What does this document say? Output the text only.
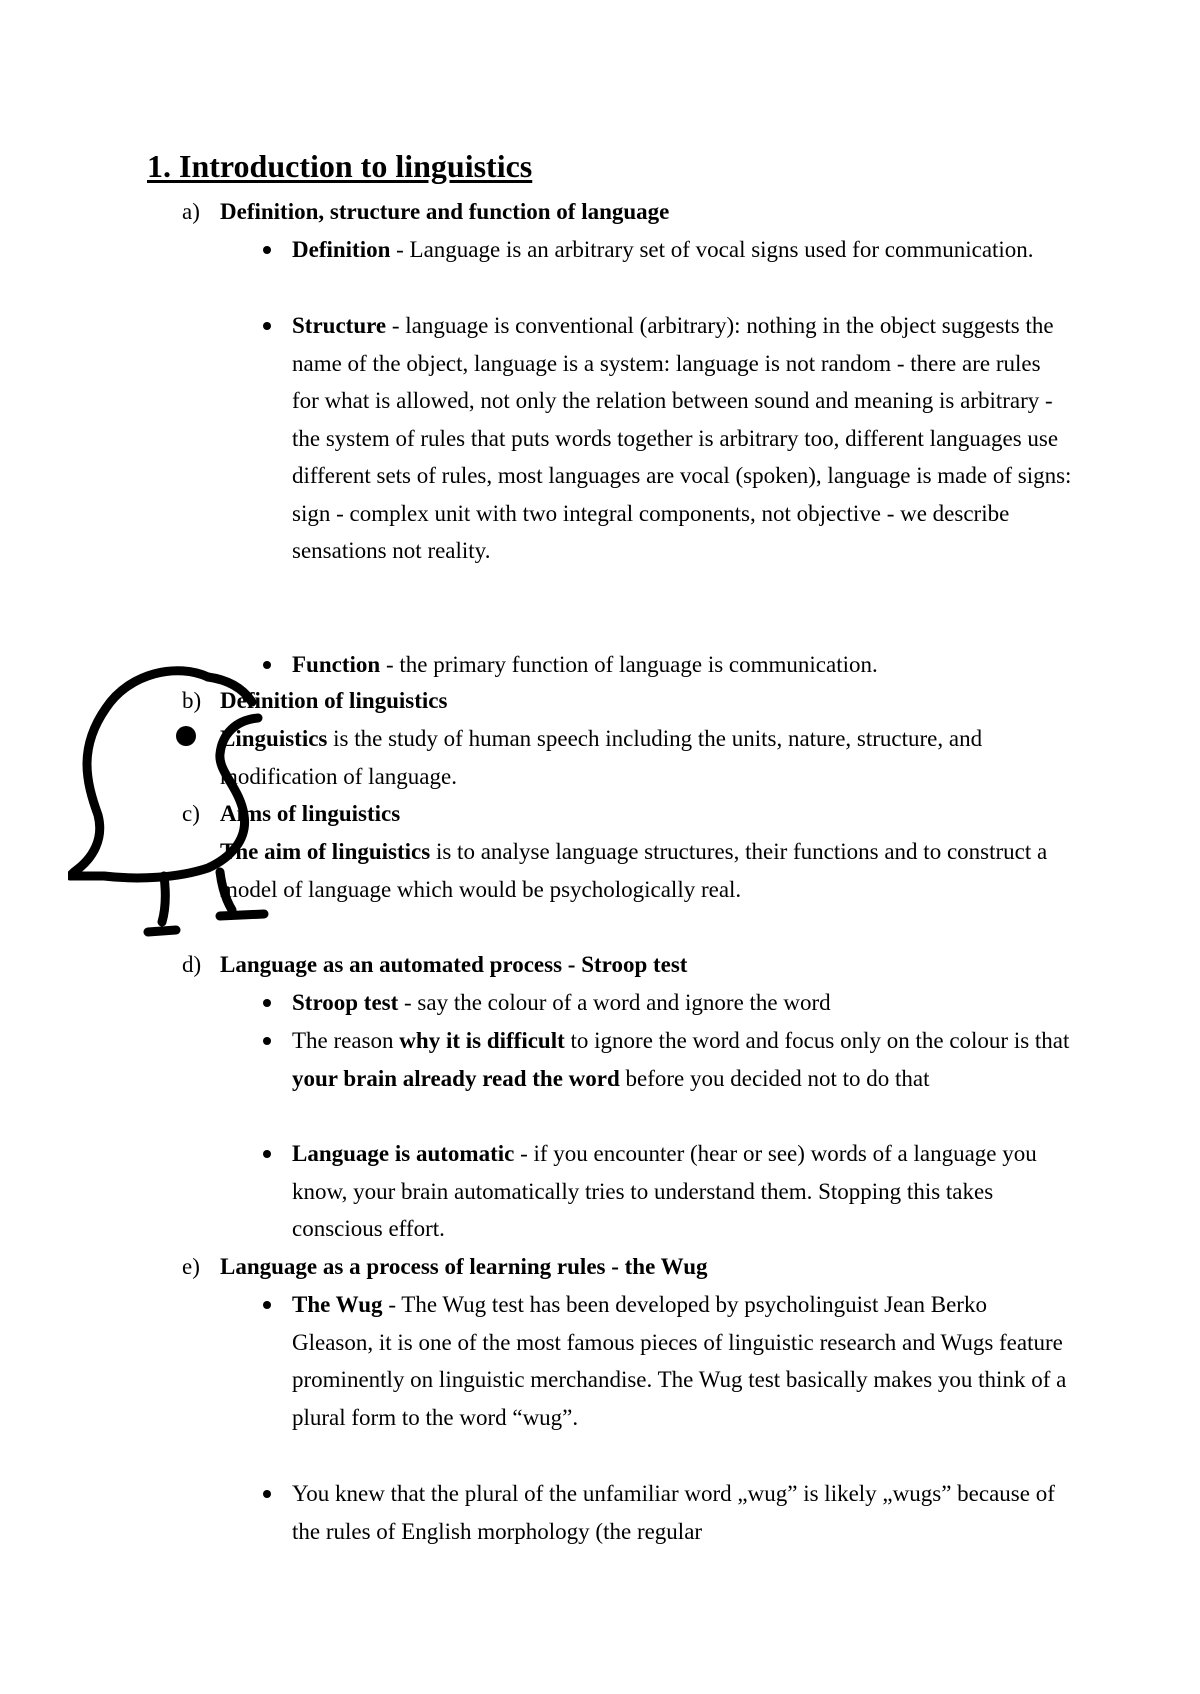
1. Introduction to linguistics
a) Definition, structure and function of language
Definition - Language is an arbitrary set of vocal signs used for communication.
Structure - language is conventional (arbitrary): nothing in the object suggests the name of the object, language is a system: language is not random - there are rules for what is allowed, not only the relation between sound and meaning is arbitrary - the system of rules that puts words together is arbitrary too, different languages use different sets of rules, most languages are vocal (spoken), language is made of signs: sign - complex unit with two integral components, not objective - we describe sensations not reality.
Function - the primary function of language is communication.
b) Definition of linguistics

Linguistics is the study of human speech including the units, nature, structure, and modification of language.

c) Aims of linguistics

The aim of linguistics is to analyse language structures, their functions and to construct a model of language which would be psychologically real.

d) Language as an automated process - Stroop test
Stroop test - say the colour of a word and ignore the word
The reason why it is difficult to ignore the word and focus only on the colour is that your brain already read the word before you decided not to do that
Language is automatic - if you encounter (hear or see) words of a language you know, your brain automatically tries to understand them. Stopping this takes conscious effort.
e) Language as a process of learning rules - the Wug
The Wug - The Wug test has been developed by psycholinguist Jean Berko Gleason, it is one of the most famous pieces of linguistic research and Wugs feature prominently on linguistic merchandise. The Wug test basically makes you think of a plural form to the word “wug”.
You knew that the plural of the unfamiliar word „wug” is likely „wugs” because of the rules of English morphology (the regular
